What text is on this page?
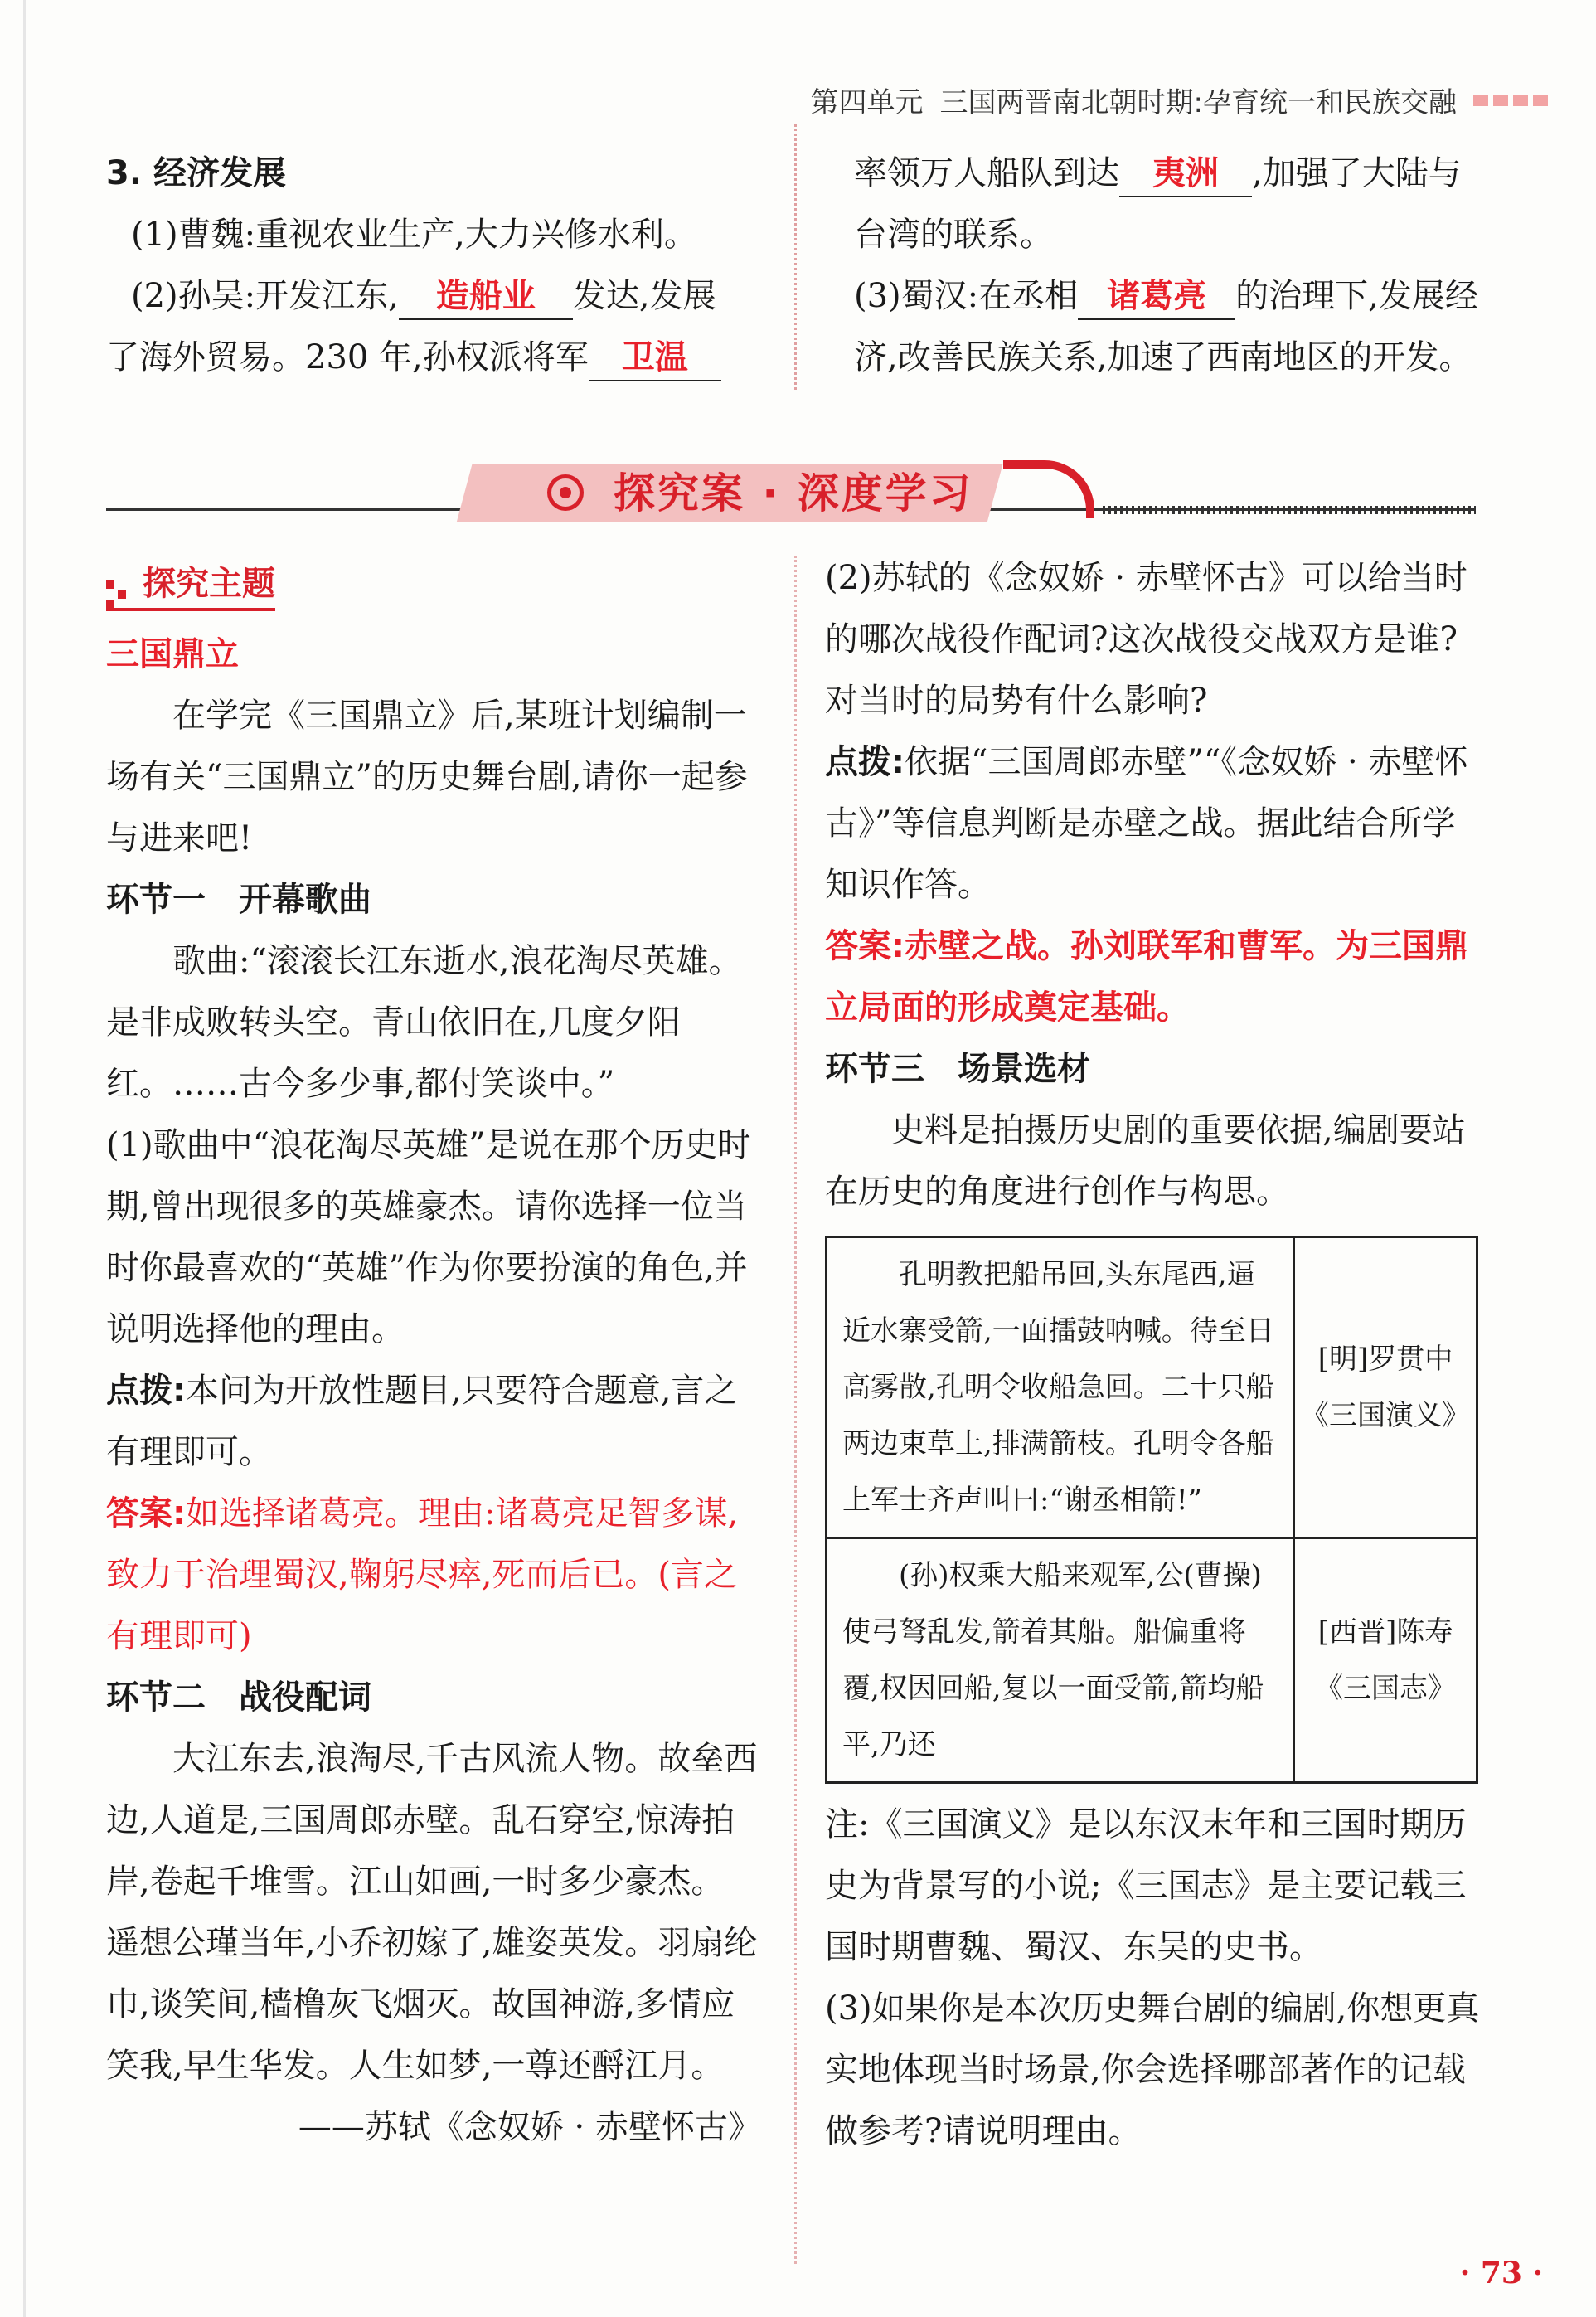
第四单元 三国两晋南北朝时期:孕育统一和民族交融

3. 经济发展

(1)曹魏:重视农业生产,大力兴修水利。

(2)孙吴:开发江东, 造船业 发达,发展

了海外贸易。230 年,孙权派将军 卫温

率领万人船队到达 夷洲 ,加强了大陆与

台湾的联系。

(3)蜀汉:在丞相 诸葛亮 的治理下,发展经

济,改善民族关系,加速了西南地区的开发。

探究案 · 深度学习
探究主题

三国鼎立

在学完《三国鼎立》后,某班计划编制一场有关“三国鼎立”的历史舞台剧,请你一起参与进来吧!

环节一　开幕歌曲

歌曲:“滚滚长江东逝水,浪花淘尽英雄。是非成败转头空。青山依旧在,几度夕阳红。……古今多少事,都付笑谈中。”

(1)歌曲中“浪花淘尽英雄”是说在那个历史时期,曾出现很多的英雄豪杰。请你选择一位当时你最喜欢的“英雄”作为你要扮演的角色,并说明选择他的理由。

点拨:本问为开放性题目,只要符合题意,言之有理即可。

答案:如选择诸葛亮。理由:诸葛亮足智多谋,致力于治理蜀汉,鞠躬尽瘁,死而后已。(言之有理即可)

环节二　战役配词

大江东去,浪淘尽,千古风流人物。故垒西边,人道是,三国周郎赤壁。乱石穿空,惊涛拍岸,卷起千堆雪。江山如画,一时多少豪杰。　　遥想公瑾当年,小乔初嫁了,雄姿英发。羽扇纶巾,谈笑间,樯橹灰飞烟灭。故国神游,多情应笑我,早生华发。人生如梦,一尊还酹江月。

——苏轼《念奴娇 · 赤壁怀古》

(2)苏轼的《念奴娇 · 赤壁怀古》可以给当时的哪次战役作配词?这次战役交战双方是谁?对当时的局势有什么影响?

点拨:依据“三国周郎赤壁”“《念奴娇 · 赤壁怀古》”等信息判断是赤壁之战。据此结合所学知识作答。

答案:赤壁之战。孙刘联军和曹军。为三国鼎立局面的形成奠定基础。

环节三　场景选材

史料是拍摄历史剧的重要依据,编剧要站在历史的角度进行创作与构思。

孔明教把船吊回,头东尾西,逼近水寨受箭,一面擂鼓呐喊。待至日高雾散,孔明令收船急回。二十只船两边束草上,排满箭枝。孔明令各船上军士齐声叫曰:“谢丞相箭!”	[明]罗贯中
《三国演义》

(孙)权乘大船来观军,公(曹操)使弓弩乱发,箭着其船。船偏重将覆,权因回船,复以一面受箭,箭均船平,乃还	[西晋]陈寿
《三国志》

注:《三国演义》是以东汉末年和三国时期历史为背景写的小说;《三国志》是主要记载三国时期曹魏、蜀汉、东吴的史书。

(3)如果你是本次历史舞台剧的编剧,你想更真实地体现当时场景,你会选择哪部著作的记载做参考?请说明理由。

· 73 ·
